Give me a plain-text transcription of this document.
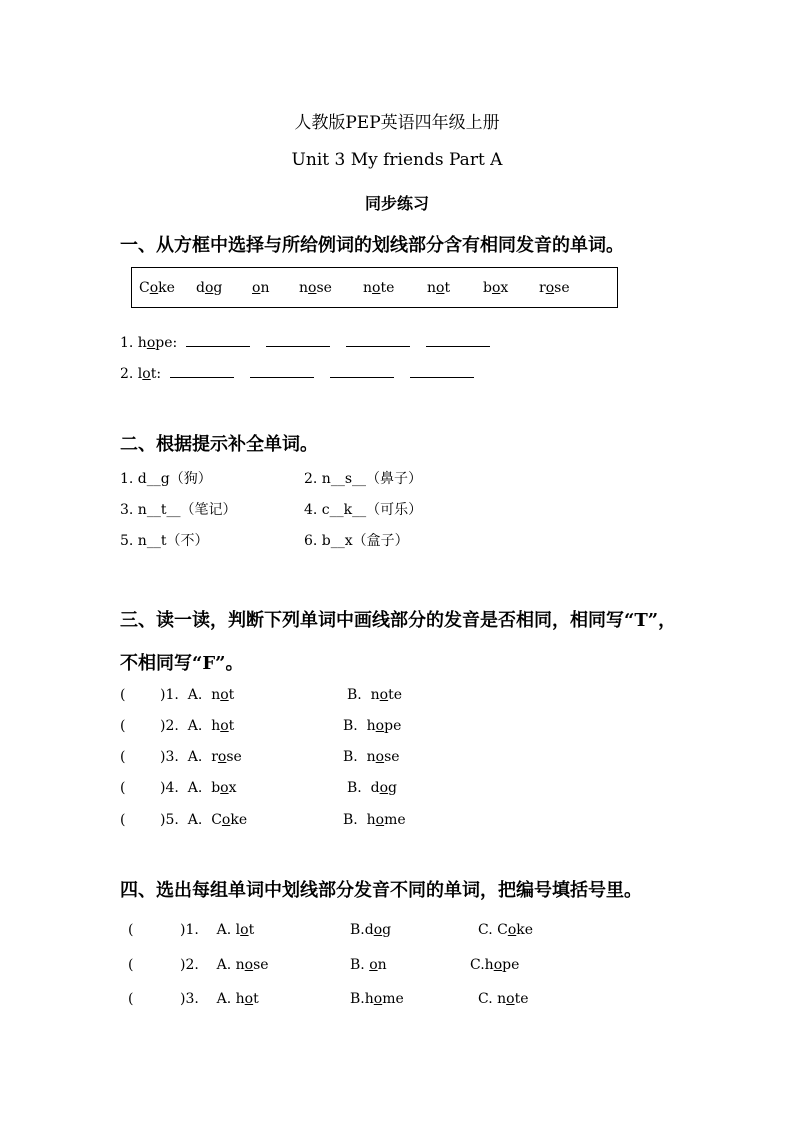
人教版PEP英语四年级上册
Unit 3 My friends Part A
同步练习
一、从方框中选择与所给例词的划线部分含有相同发音的单词。
Coke dog on nose note not box rose
1. hope:
2. lot:
二、根据提示补全单词。
1. d__g（狗）	2. n__s__（鼻子）
3. n__t__（笔记）	4. c__k__（可乐）
5. n__t（不）	6. b__x（盒子）
三、读一读，判断下列单词中画线部分的发音是否相同，相同写“T”，
不相同写“F”。
( )1.  A.  not	B.  note
( )2.  A.  hot	B.  hope
( )3.  A.  rose	B.  nose
( )4.  A.  box	B.  dog
( )5.  A.  Coke	B.  home
四、选出每组单词中划线部分发音不同的单词，把编号填括号里。
(	)1. A. lot	B.dog	C. Coke
(	)2. A. nose	B. on	C.hope
(	)3. A. hot	B.home	C. note
